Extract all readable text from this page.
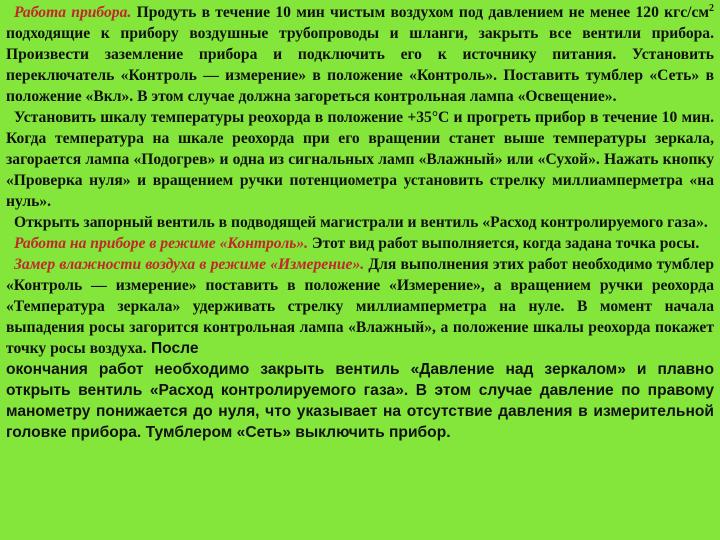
Работа прибора. Продуть в течение 10 мин чистым воздухом под давлением не менее 120 кгс/$см^2$ подходящие к прибору воздушные трубопроводы и шланги, закрыть все вентили прибора. Произвести заземление прибора и подключить его к источнику питания. Установить переключатель «Контроль — измерение» в положение «Контроль». Поставить тумблер «Сеть» в положение «Вкл». В этом случае должна загореться контрольная лампа «Освещение».

Установить шкалу температуры реохорда в положение +35°С и прогреть прибор в течение 10 мин. Когда температура на шкале реохорда при его вращении станет выше температуры зеркала, загорается лампа «Подогрев» и одна из сигнальных ламп «Влажный» или «Сухой». Нажать кнопку «Проверка нуля» и вращением ручки потенциометра установить стрелку миллиамперметра «на нуль».

Открыть запорный вентиль в подводящей магистрали и вентиль «Расход контролируемого газа».

Работа на приборе в режиме «Контроль». Этот вид работ выполняется, когда задана точка росы.

Замер влажности воздуха в режиме «Измерение». Для выполнения этих работ необходимо тумблер «Контроль — измерение» поставить в положение «Измерение», а вращением ручки реохорда «Температура зеркала» удерживать стрелку миллиамперметра на нуле. В момент начала выпадения росы загорится контрольная лампа «Влажный», а положение шкалы реохорда покажет точку росы воздуха. После

окончания работ необходимо закрыть вентиль «Давление над зеркалом» и плавно открыть вентиль «Расход контролируемого газа». В этом случае давление по правому манометру понижается до нуля, что указывает на отсутствие давления в измерительной головке прибора. Тумблером «Сеть» выключить прибор.
